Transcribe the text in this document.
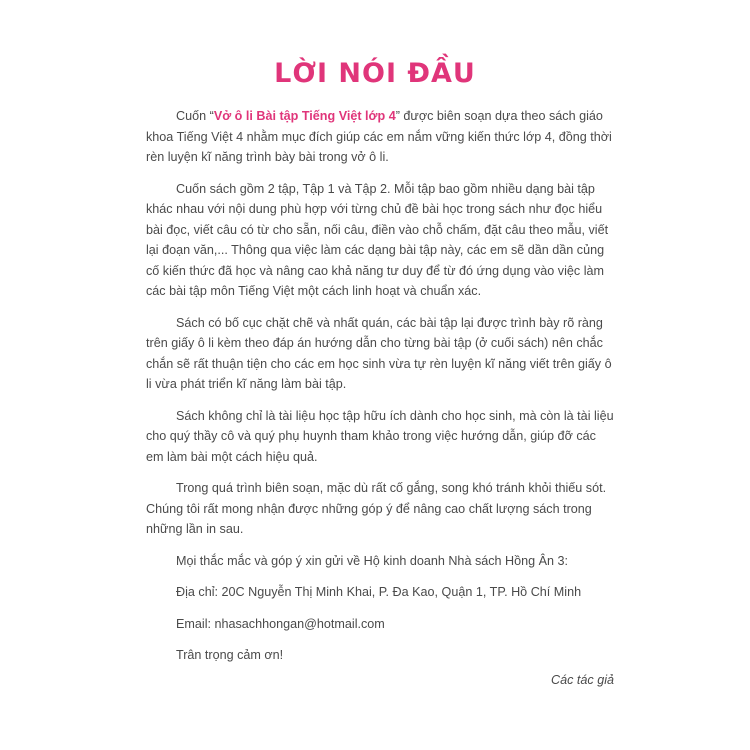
LỜI NÓI ĐẦU

Cuốn “Vở ô li Bài tập Tiếng Việt lớp 4” được biên soạn dựa theo sách giáo khoa Tiếng Việt 4 nhằm mục đích giúp các em nắm vững kiến thức lớp 4, đồng thời rèn luyện kĩ năng trình bày bài trong vở ô li.

Cuốn sách gồm 2 tập, Tập 1 và Tập 2. Mỗi tập bao gồm nhiều dạng bài tập khác nhau với nội dung phù hợp với từng chủ đề bài học trong sách như đọc hiểu bài đọc, viết câu có từ cho sẵn, nối câu, điền vào chỗ chấm, đặt câu theo mẫu, viết lại đoạn văn,... Thông qua việc làm các dạng bài tập này, các em sẽ dần dần củng cố kiến thức đã học và nâng cao khả năng tư duy để từ đó ứng dụng vào việc làm các bài tập môn Tiếng Việt một cách linh hoạt và chuẩn xác.

Sách có bố cục chặt chẽ và nhất quán, các bài tập lại được trình bày rõ ràng trên giấy ô li kèm theo đáp án hướng dẫn cho từng bài tập (ở cuối sách) nên chắc chắn sẽ rất thuận tiện cho các em học sinh vừa tự rèn luyện kĩ năng viết trên giấy ô li vừa phát triển kĩ năng làm bài tập.

Sách không chỉ là tài liệu học tập hữu ích dành cho học sinh, mà còn là tài liệu cho quý thầy cô và quý phụ huynh tham khảo trong việc hướng dẫn, giúp đỡ các em làm bài một cách hiệu quả.

Trong quá trình biên soạn, mặc dù rất cố gắng, song khó tránh khỏi thiếu sót. Chúng tôi rất mong nhận được những góp ý để nâng cao chất lượng sách trong những lần in sau.

Mọi thắc mắc và góp ý xin gửi về Hộ kinh doanh Nhà sách Hồng Ân 3:

Địa chỉ: 20C Nguyễn Thị Minh Khai, P. Đa Kao, Quận 1, TP. Hồ Chí Minh

Email: nhasachhongan@hotmail.com

Trân trọng cảm ơn!

Các tác giả
